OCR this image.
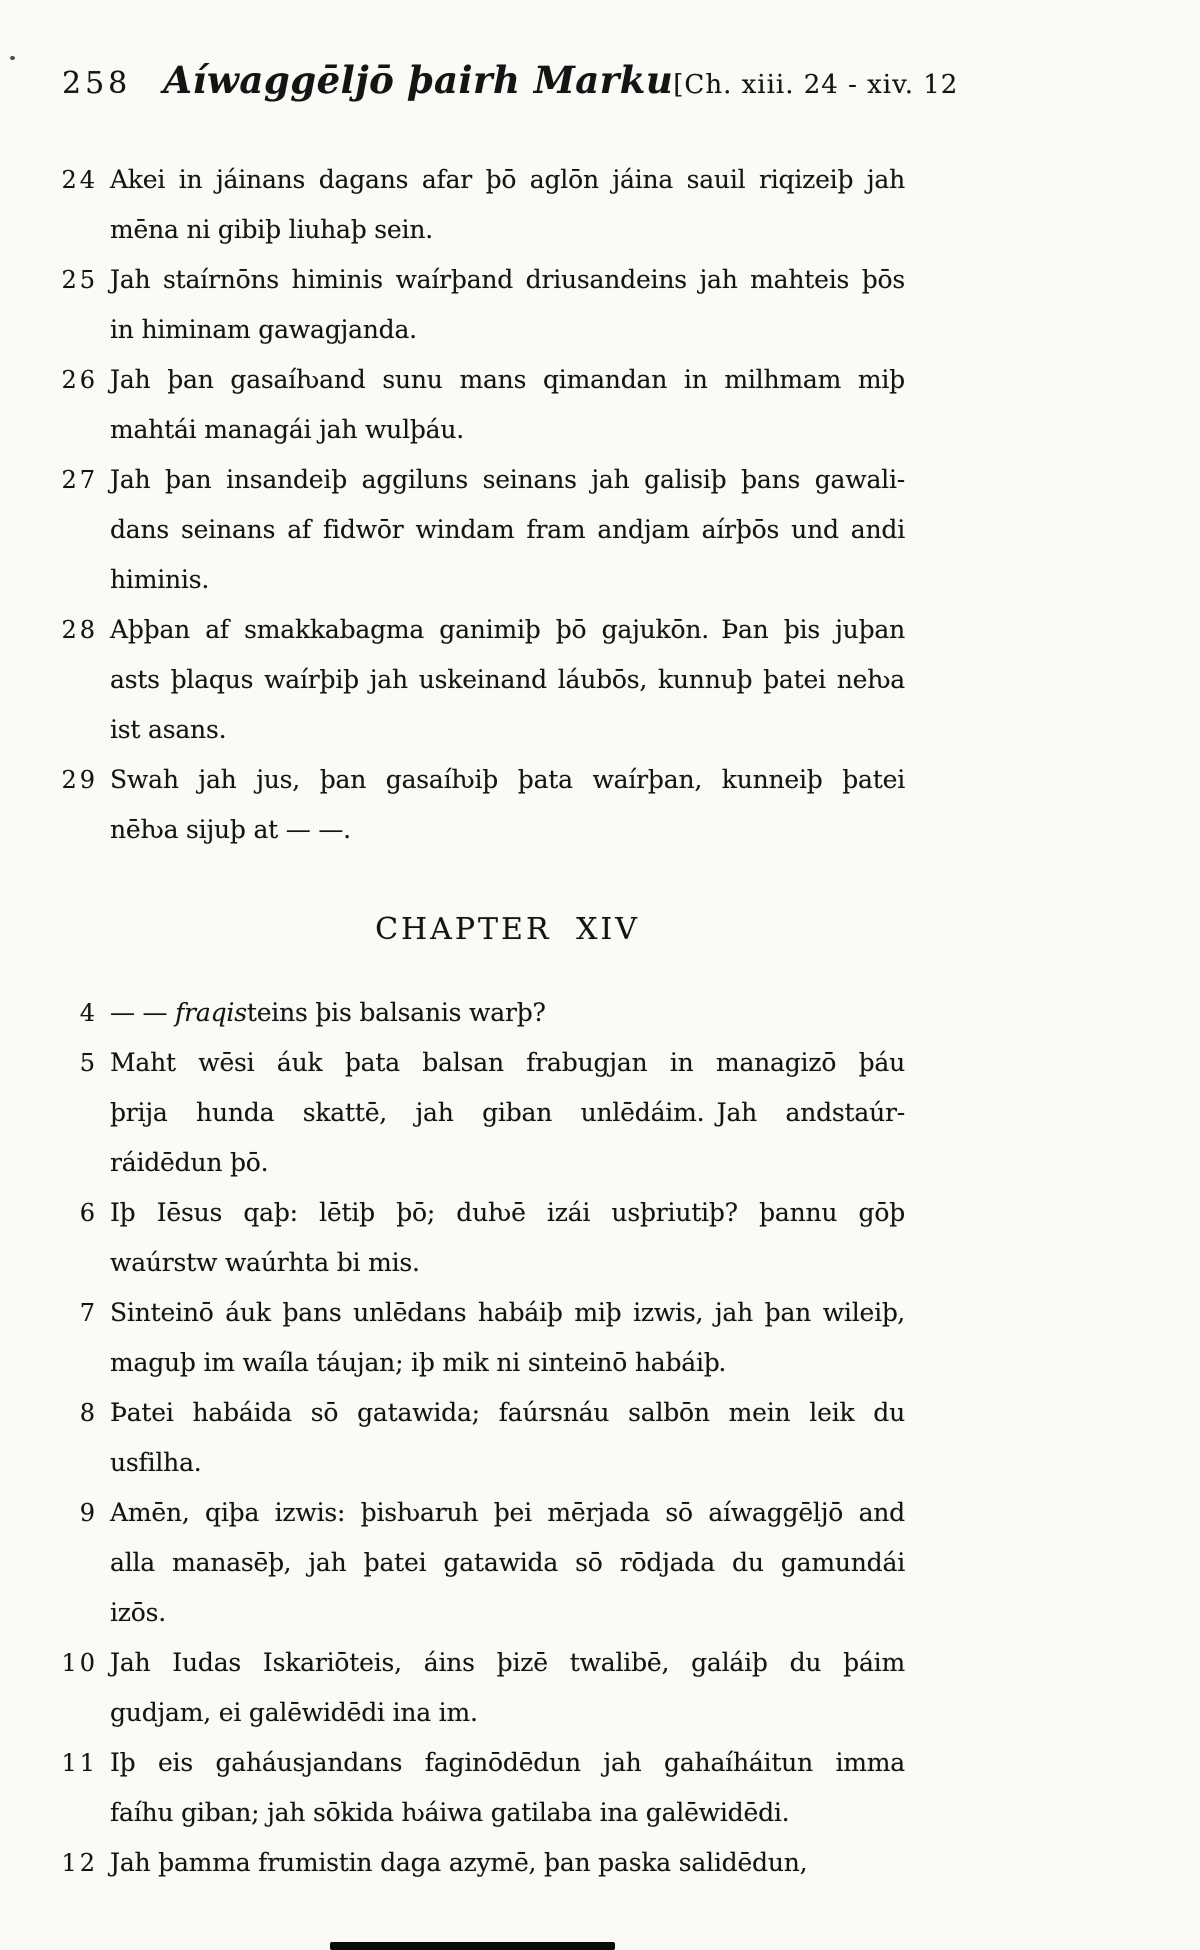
258 Aíwaggēljō þairh Marku [Ch. xiii. 24 - xiv. 12
24 Akei in jáinans dagans afar þō aglōn jáina sauil riqizeiþ jah
mēna ni gibiþ liuhaþ sein.
25 Jah staírnōns himinis waírþand driusandeins jah mahteis þōs
in himinam gawagjanda.
26 Jah þan gasaíƕand sunu mans qimandan in milhmam miþ
mahtái managái jah wulþáu.
27 Jah þan insandeiþ aggiluns seinans jah galisiþ þans gawali-
dans seinans af fidwōr windam fram andjam aírþōs und andi
himinis.
28 Aþþan af smakkabagma ganimiþ þō gajukōn. Þan þis juþan
asts þlaqus waírþiþ jah uskeinand láubōs, kunnuþ þatei neƕa
ist asans.
29 Swah jah jus, þan gasaíƕiþ þata waírþan, kunneiþ þatei
nēƕa sijuþ at — —.
CHAPTER XIV
4 — — fraqisteins þis balsanis warþ?
5 Maht wēsi áuk þata balsan frabugjan in managizō þáu
þrija hunda skattē, jah giban unlēdáim. Jah andstaúr-
ráidēdun þō.
6 Iþ Iēsus qaþ: lētiþ þō; duƕē izái usþriutiþ? þannu gōþ
waúrstw waúrhta bi mis.
7 Sinteinō áuk þans unlēdans habáiþ miþ izwis, jah þan wileiþ,
maguþ im waíla táujan; iþ mik ni sinteinō habáiþ.
8 Þatei habáida sō gatawida; faúrsnáu salbōn mein leik du
usfilha.
9 Amēn, qiþa izwis: þisƕaruh þei mērjada sō aíwaggēljō and
alla manasēþ, jah þatei gatawida sō rōdjada du gamundái
izōs.
10 Jah Iudas Iskariōteis, áins þizē twalibē, galáiþ du þáim
gudjam, ei galēwidēdi ina im.
11 Iþ eis gaháusjandans faginōdēdun jah gahaíháitun imma
faíhu giban; jah sōkida ƕáiwa gatilaba ina galēwidēdi.
12 Jah þamma frumistin daga azymē, þan paska salidēdun,
